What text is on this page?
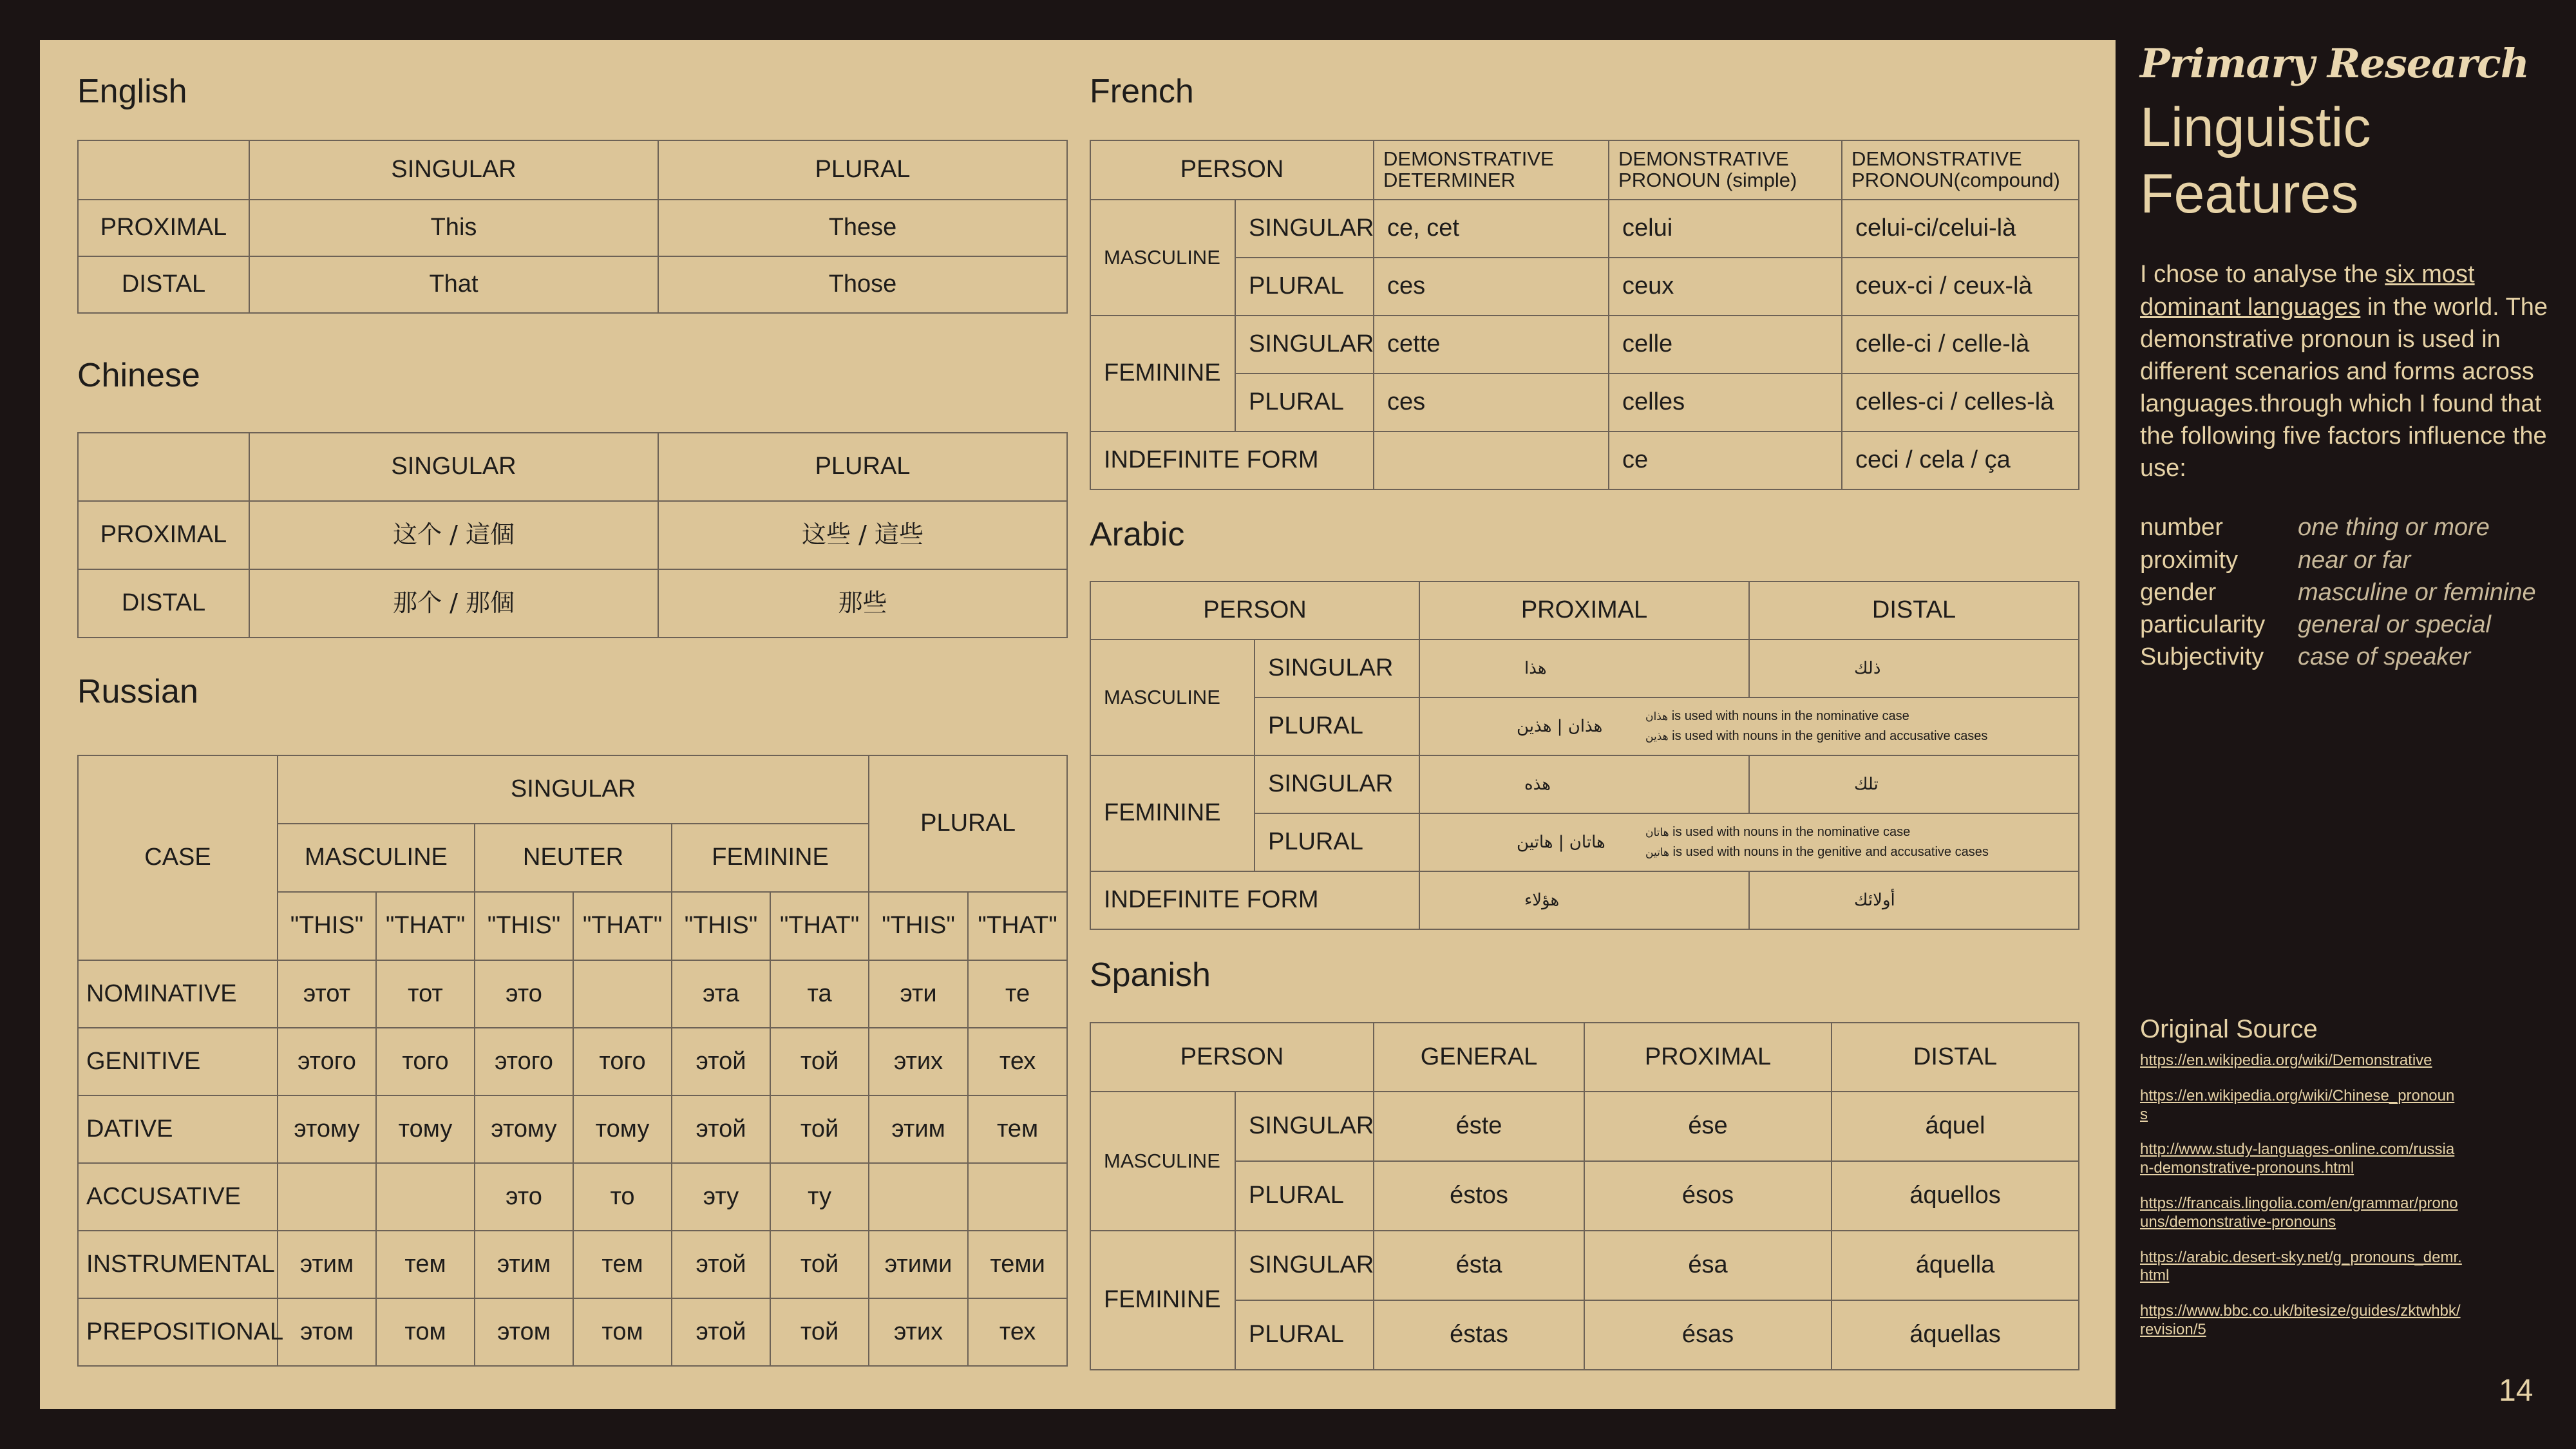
English
	SINGULAR	PLURAL
PROXIMAL	This	These
DISTAL	That	Those
Chinese
	SINGULAR	PLURAL
PROXIMAL	这个 / 這個	这些 / 這些
DISTAL	那个 / 那個	那些
Russian
CASE	SINGULAR						PLURAL	
	MASCULINE		NEUTER		FEMININE			
	"THIS"	"THAT"	"THIS"	"THAT"	"THIS"	"THAT"	"THIS"	"THAT"
NOMINATIVE	этот	тот	это		эта	та	эти	те
GENITIVE	этого	того	этого	того	этой	той	этих	тех
DATIVE	этому	тому	этому	тому	этой	той	этим	тем
ACCUSATIVE			это	то	эту	ту		
INSTRUMENTAL	этим	тем	этим	тем	этой	той	этими	теми
PREPOSITIONAL	этом	том	этом	том	этой	той	этих	тех
French
PERSON		DEMONSTRATIVE DETERMINER	DEMONSTRATIVE PRONOUN (simple)	DEMONSTRATIVE PRONOUN(compound)
MASCULINE	SINGULAR	ce, cet	celui	celui-ci/celui-là
	PLURAL	ces	ceux	ceux-ci / ceux-là
FEMININE	SINGULAR	cette	celle	celle-ci / celle-là
	PLURAL	ces	celles	celles-ci / celles-là
INDEFINITE FORM			ce	ceci / cela / ça
Arabic
PERSON		PROXIMAL	DISTAL
MASCULINE	SINGULAR	هذا	ذلك
	PLURAL	هذان | هذين هذان is used with nouns in the nominative case
هذين is used with nouns in the genitive and accusative cases	

FEMININE	SINGULAR	هذه	تلك
	PLURAL	هاتان | هاتين هاتان is used with nouns in the nominative case
هاتين is used with nouns in the genitive and accusative cases	

INDEFINITE FORM		هؤلاء	أولائك
Spanish
PERSON		GENERAL	PROXIMAL	DISTAL
MASCULINE	SINGULAR	éste	ése	áquel
	PLURAL	éstos	ésos	áquellos
FEMININE	SINGULAR	ésta	ésa	áquella
	PLURAL	éstas	ésas	áquellas
Primary Research
Linguistic
Features
I chose to analyse the six most dominant languages in the world. The demonstrative pronoun is used in different scenarios and forms across languages.through which I found that the following five factors influence the use:
number	one thing or more
proximity	near or far
gender	masculine or feminine
particularity	general or special
Subjectivity	case of speaker
Original Source
https://en.wikipedia.org/wiki/Demonstrative
https://en.wikipedia.org/wiki/Chinese_pronouns
http://www.study-languages-online.com/russian-demonstrative-pronouns.html
https://francais.lingolia.com/en/grammar/pronouns/demonstrative-pronouns
https://arabic.desert-sky.net/g_pronouns_demr.html
https://www.bbc.co.uk/bitesize/guides/zktwhbk/revision/5
14
